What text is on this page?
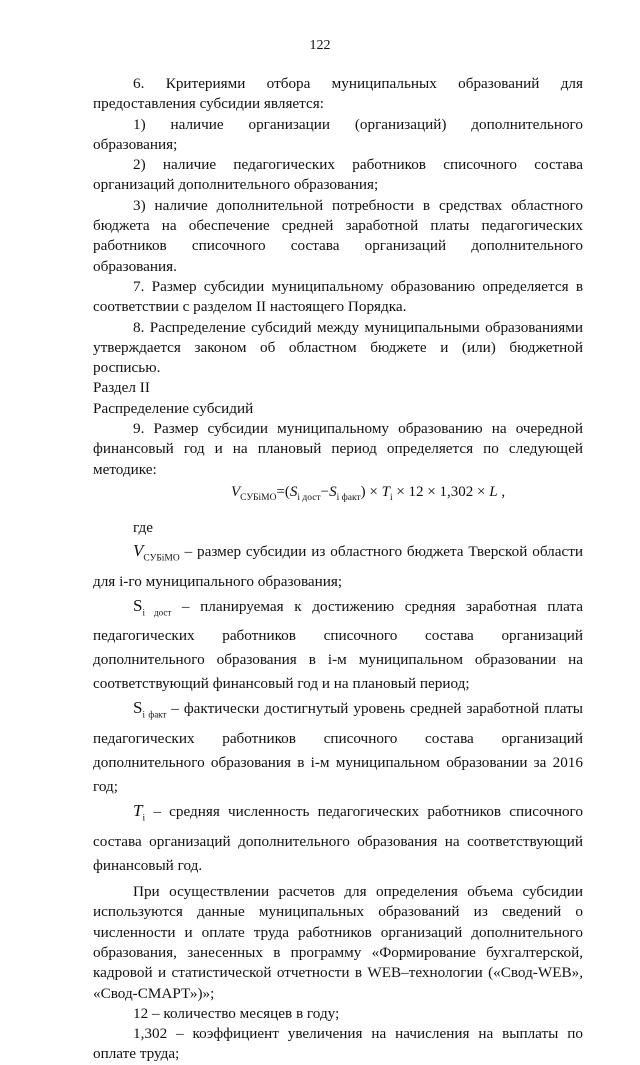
122

6. Критериями отбора муниципальных образований для предоставления субсидии является:

1) наличие организации (организаций) дополнительного образования;

2) наличие педагогических работников списочного состава организаций дополнительного образования;

3) наличие дополнительной потребности в средствах областного бюджета на обеспечение средней заработной платы педагогических работников списочного состава организаций дополнительного образования.

7. Размер субсидии муниципальному образованию определяется в соответствии с разделом II настоящего Порядка.

8. Распределение субсидий между муниципальными образованиями утверждается законом об областном бюджете и (или) бюджетной росписью.

Раздел II

Распределение субсидий

9. Размер субсидии муниципальному образованию на очередной финансовый год и на плановый период определяется по следующей методике:

$V_{СУБiМО}=(S_{i дост}-S_{i факт}) \times T_i \times 12 \times 1,302 \times L$ ,

где

$V_{СУБiМО}$ – размер субсидии из областного бюджета Тверской области для i-го муниципального образования;

$S_{i дост}$ – планируемая к достижению средняя заработная плата педагогических работников списочного состава организаций дополнительного образования в i-м муниципальном образовании на соответствующий финансовый год и на плановый период;

$S_{i факт}$ – фактически достигнутый уровень средней заработной платы педагогических работников списочного состава организаций дополнительного образования в i-м муниципальном образовании за 2016 год;

$T_i$ – средняя численность педагогических работников списочного состава организаций дополнительного образования на соответствующий финансовый год.

При осуществлении расчетов для определения объема субсидии используются данные муниципальных образований из сведений о численности и оплате труда работников организаций дополнительного образования, занесенных в программу «Формирование бухгалтерской, кадровой и статистической отчетности в WEB–технологии («Свод-WEB», «Свод-СМАРТ»)»;

12 – количество месяцев в году;

1,302 – коэффициент увеличения на начисления на выплаты по оплате труда;
